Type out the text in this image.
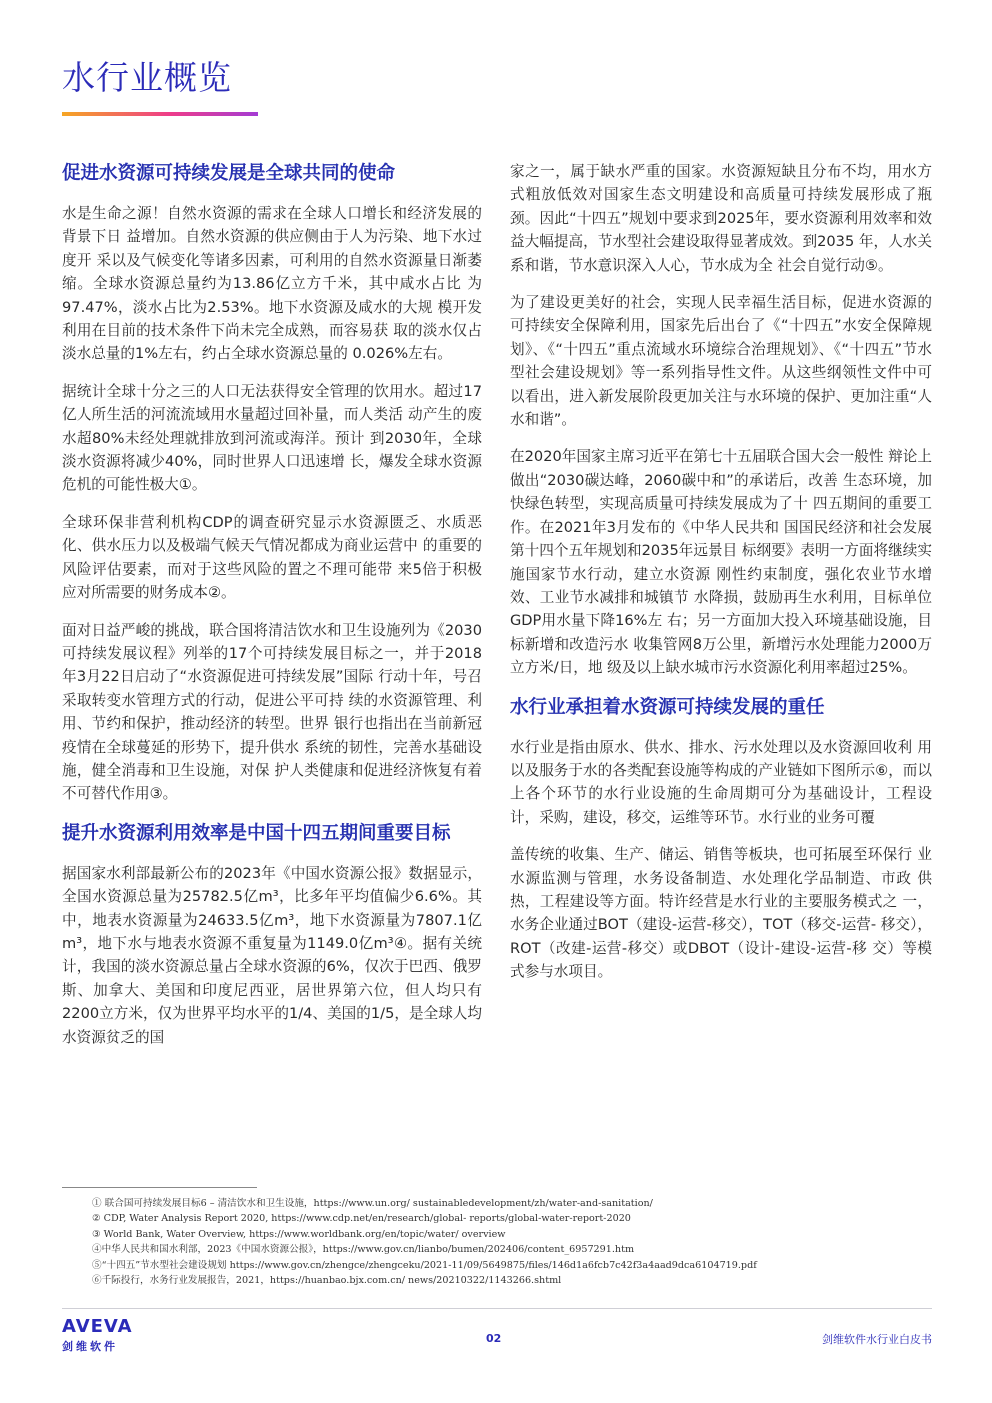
水行业概览
促进水资源可持续发展是全球共同的使命

水是生命之源！自然水资源的需求在全球人口增长和经济发展的背景下日 益增加。自然水资源的供应侧由于人为污染、地下水过度开 采以及气候变化等诸多因素，可利用的自然水资源量日渐萎 缩。全球水资源总量约为13.86亿立方千米，其中咸水占比 为97.47%，淡水占比为2.53%。地下水资源及咸水的大规 模开发利用在目前的技术条件下尚未完全成熟，而容易获 取的淡水仅占淡水总量的1%左右，约占全球水资源总量的 0.026%左右。

据统计全球十分之三的人口无法获得安全管理的饮用水。超过17亿人所生活的河流流域用水量超过回补量，而人类活 动产生的废水超80%未经处理就排放到河流或海洋。预计 到2030年，全球淡水资源将减少40%，同时世界人口迅速增 长，爆发全球水资源危机的可能性极大①。

全球环保非营利机构CDP的调查研究显示水资源匮乏、水质恶化、供水压力以及极端气候天气情况都成为商业运营中 的重要的风险评估要素，而对于这些风险的置之不理可能带 来5倍于积极应对所需要的财务成本②。

面对日益严峻的挑战，联合国将清洁饮水和卫生设施列为《2030可持续发展议程》列举的17个可持续发展目标之一，并于2018年3月22日启动了“水资源促进可持续发展”国际 行动十年，号召采取转变水管理方式的行动，促进公平可持 续的水资源管理、利用、节约和保护，推动经济的转型。世界 银行也指出在当前新冠疫情在全球蔓延的形势下，提升供水 系统的韧性，完善水基础设施，健全消毒和卫生设施，对保 护人类健康和促进经济恢复有着不可替代作用③。

提升水资源利用效率是中国十四五期间重要目标

据国家水利部最新公布的2023年《中国水资源公报》数据显示，全国水资源总量为25782.5亿m³，比多年平均值偏少6.6%。其中，地表水资源量为24633.5亿m³，地下水资源量为7807.1亿m³，地下水与地表水资源不重复量为1149.0亿m³④。据有关统计，我国的淡水资源总量占全球水资源的6%，仅次于巴西、俄罗斯、加拿大、美国和印度尼西亚，居世界第六位，但人均只有2200立方米，仅为世界平均水平的1/4、美国的1/5，是全球人均水资源贫乏的国

家之一，属于缺水严重的国家。水资源短缺且分布不均，用水方式粗放低效对国家生态文明建设和高质量可持续发展形成了瓶颈。因此“十四五”规划中要求到2025年，要水资源利用效率和效益大幅提高，节水型社会建设取得显著成效。到2035 年，人水关系和谐，节水意识深入人心，节水成为全 社会自觉行动⑤。

为了建设更美好的社会，实现人民幸福生活目标，促进水资源的可持续安全保障利用，国家先后出台了《“十四五”水安全保障规划》、《“十四五”重点流域水环境综合治理规划》、《“十四五”节水型社会建设规划》等一系列指导性文件。从这些纲领性文件中可以看出，进入新发展阶段更加关注与水环境的保护、更加注重“人水和谐”。

在2020年国家主席习近平在第七十五届联合国大会一般性 辩论上做出“2030碳达峰，2060碳中和”的承诺后，改善 生态环境，加快绿色转型，实现高质量可持续发展成为了十 四五期间的重要工作。在2021年3月发布的《中华人民共和 国国民经济和社会发展第十四个五年规划和2035年远景目 标纲要》表明一方面将继续实施国家节水行动，建立水资源 刚性约束制度，强化农业节水增效、工业节水减排和城镇节 水降损，鼓励再生水利用，目标单位GDP用水量下降16%左 右；另一方面加大投入环境基础设施，目标新增和改造污水 收集管网8万公里，新增污水处理能力2000万立方米/日，地 级及以上缺水城市污水资源化利用率超过25%。

水行业承担着水资源可持续发展的重任

水行业是指由原水、供水、排水、污水处理以及水资源回收利 用以及服务于水的各类配套设施等构成的产业链如下图所示⑥，而以上各个环节的水行业设施的生命周期可分为基础设计，工程设计，采购，建设，移交，运维等环节。水行业的业务可覆

盖传统的收集、生产、储运、销售等板块，也可拓展至环保行 业水源监测与管理，水务设备制造、水处理化学品制造、市政 供热，工程建设等方面。特许经营是水行业的主要服务模式之 一，水务企业通过BOT（建设-运营-移交），TOT（移交-运营- 移交），ROT（改建-运营-移交）或DBOT（设计-建设-运营-移 交）等模式参与水项目。

① 联合国可持续发展目标6 – 清洁饮水和卫生设施，https://www.un.org/ sustainabledevelopment/zh/water-and-sanitation/
② CDP, Water Analysis Report 2020, https://www.cdp.net/en/research/global- reports/global-water-report-2020
③ World Bank, Water Overview, https://www.worldbank.org/en/topic/water/ overview
④中华人民共和国水利部，2023《中国水资源公报》，https://www.gov.cn/lianbo/bumen/202406/content_6957291.htm
⑤“十四五”节水型社会建设规划 https://www.gov.cn/zhengce/zhengceku/2021-11/09/5649875/files/146d1a6fcb7c42f3a4aad9dca6104719.pdf
⑥千际投行，水务行业发展报告，2021，https://huanbao.bjx.com.cn/ news/20210322/1143266.shtml
AVEVA
剑维软件
02	剑维软件水行业白皮书
